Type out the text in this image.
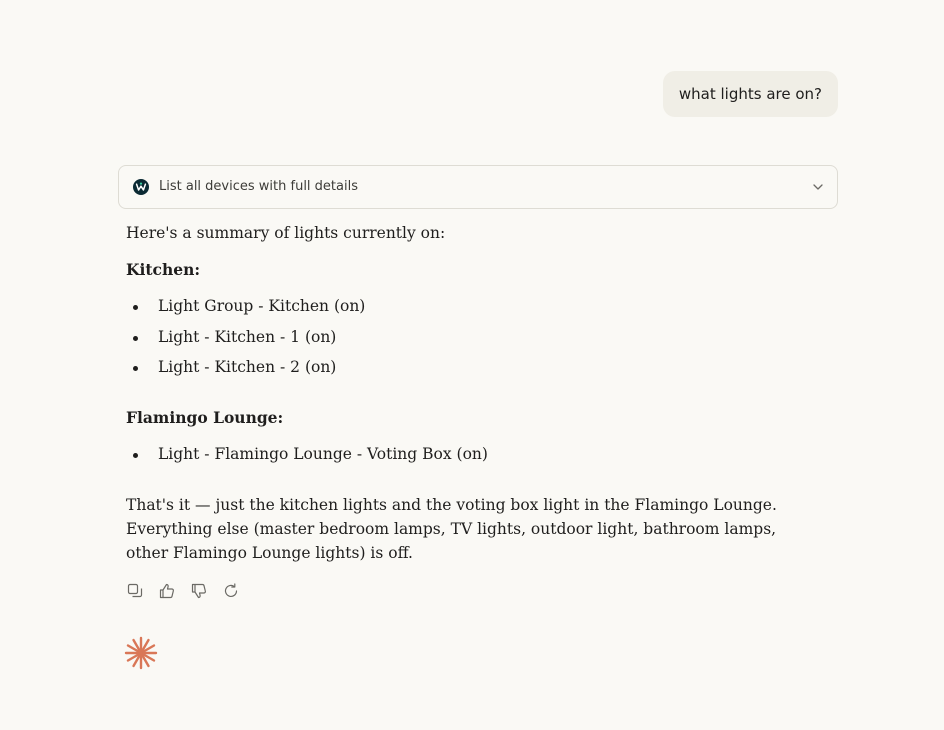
what lights are on?
List all devices with full details
Here's a summary of lights currently on:
Kitchen:
Light Group - Kitchen (on)
Light - Kitchen - 1 (on)
Light - Kitchen - 2 (on)
Flamingo Lounge:
Light - Flamingo Lounge - Voting Box (on)
That's it — just the kitchen lights and the voting box light in the Flamingo Lounge. Everything else (master bedroom lamps, TV lights, outdoor light, bathroom lamps, other Flamingo Lounge lights) is off.
